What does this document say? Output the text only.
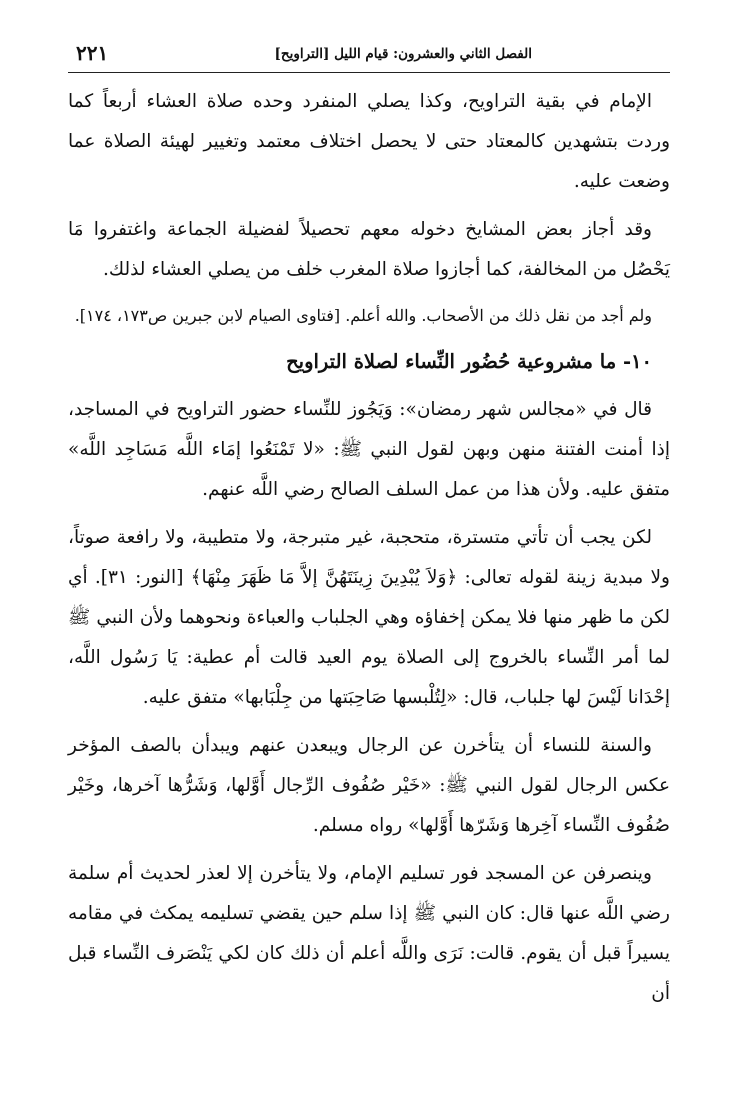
الفصل الثاني والعشرون: قيام الليل [التراويح]
٢٢١

الإمام في بقية التراويح، وكذا يصلي المنفرد وحده صلاة العشاء أربعاً كما وردت بتشهدين كالمعتاد حتى لا يحصل اختلاف معتمد وتغيير لهيئة الصلاة عما وضعت عليه.

وقد أجاز بعض المشايخ دخوله معهم تحصيلاً لفضيلة الجماعة واغتفروا مَا يَحْصُل من المخالفة، كما أجازوا صلاة المغرب خلف من يصلي العشاء لذلك.

ولم أجد من نقل ذلك من الأصحاب. والله أعلم. [فتاوى الصيام لابن جبرين ص١٧٣، ١٧٤].

١٠- ما مشروعية حُضُور النِّساء لصلاة التراويح

قال في «مجالس شهر رمضان»: وَيَجُوز للنِّساء حضور التراويح في المساجد، إذا أمنت الفتنة منهن وبهن لقول النبي ﷺ: «لا تَمْنَعُوا إمَاء اللَّه مَسَاجِد اللَّه» متفق عليه. ولأن هذا من عمل السلف الصالح رضي اللَّه عنهم.

لكن يجب أن تأتي متسترة، متحجبة، غير متبرجة، ولا متطيبة، ولا رافعة صوتاً، ولا مبدية زينة لقوله تعالى: ﴿وَلاَ يُبْدِينَ زِينَتَهُنَّ إلاَّ مَا ظَهَرَ مِنْهَا﴾ [النور: ٣١]. أي لكن ما ظهر منها فلا يمكن إخفاؤه وهي الجلباب والعباءة ونحوهما ولأن النبي ﷺ لما أمر النِّساء بالخروج إلى الصلاة يوم العيد قالت أم عطية: يَا رَسُول اللَّه، إحْدَانا لَيْسَ لها جلباب، قال: «لِتُلْبسها صَاحِبَتها من جِلْبَابها» متفق عليه.

والسنة للنساء أن يتأخرن عن الرجال ويبعدن عنهم ويبدأن بالصف المؤخر عكس الرجال لقول النبي ﷺ: «خَيْر صُفُوف الرِّجال أَوَّلها، وَشَرُّها آخرها، وخَيْر صُفُوف النِّساء آخِرها وَشَرّها أَوَّلها» رواه مسلم.

وينصرفن عن المسجد فور تسليم الإمام، ولا يتأخرن إلا لعذر لحديث أم سلمة رضي اللَّه عنها قال: كان النبي ﷺ إذا سلم حين يقضي تسليمه يمكث في مقامه يسيراً قبل أن يقوم. قالت: نَرَى واللَّه أعلم أن ذلك كان لكي يَنْصَرف النِّساء قبل أن
